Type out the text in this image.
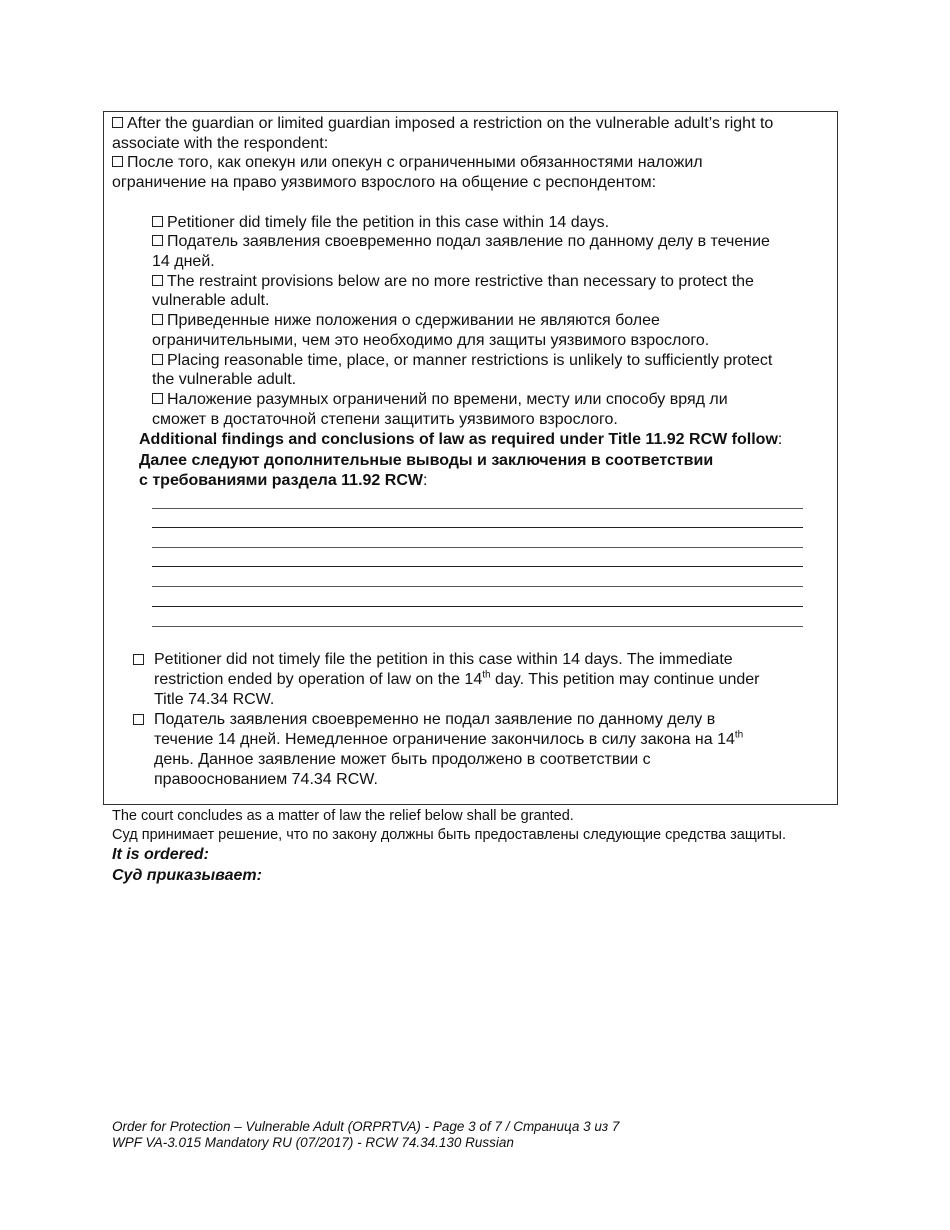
After the guardian or limited guardian imposed a restriction on the vulnerable adult’s right to
associate with the respondent:
После того, как опекун или опекун с ограниченными обязанностями наложил
ограничение на право уязвимого взрослого на общение с респондентом:
Petitioner did timely file the petition in this case within 14 days.
Податель заявления своевременно подал заявление по данному делу в течение
14 дней.
The restraint provisions below are no more restrictive than necessary to protect the
vulnerable adult.
Приведенные ниже положения о сдерживании не являются более
ограничительными, чем это необходимо для защиты уязвимого взрослого.
Placing reasonable time, place, or manner restrictions is unlikely to sufficiently protect
the vulnerable adult.
Наложение разумных ограничений по времени, месту или способу вряд ли
сможет в достаточной степени защитить уязвимого взрослого.
Additional findings and conclusions of law as required under Title 11.92 RCW follow:
Далее следуют дополнительные выводы и заключения в соответствии
с требованиями раздела 11.92 RCW:
Petitioner did not timely file the petition in this case within 14 days. The immediate
restriction ended by operation of law on the 14th day. This petition may continue under
Title 74.34 RCW.
Податель заявления своевременно не подал заявление по данному делу в
течение 14 дней. Немедленное ограничение закончилось в силу закона на 14th
день. Данное заявление может быть продолжено в соответствии с
правооснованием 74.34 RCW.
The court concludes as a matter of law the relief below shall be granted.
Суд принимает решение, что по закону должны быть предоставлены следующие средства защиты.
It is ordered:
Суд приказывает:
Order for Protection – Vulnerable Adult (ORPRTVA) - Page 3 of 7 / Страница 3 из 7
WPF VA-3.015 Mandatory RU (07/2017) - RCW 74.34.130 Russian
